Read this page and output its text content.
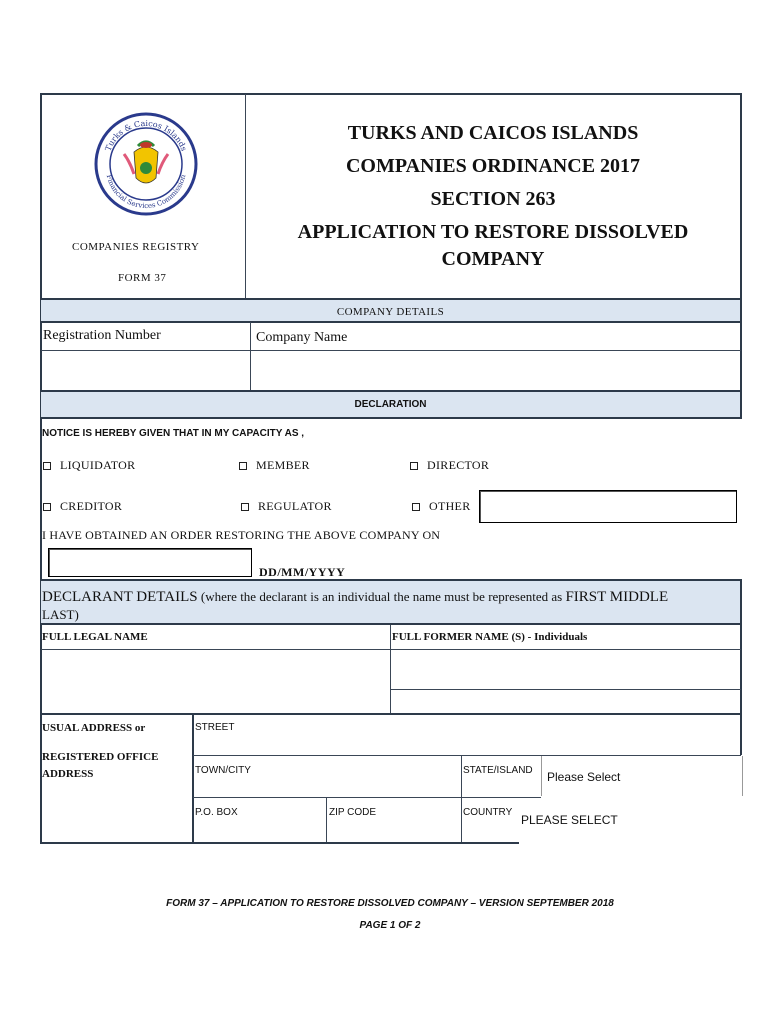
Turks & Caicos Islands
Financial Services Commission
COMPANIES REGISTRY
FORM 37
TURKS AND CAICOS ISLANDS
COMPANIES ORDINANCE 2017
SECTION 263
APPLICATION TO RESTORE DISSOLVED
COMPANY
COMPANY DETAILS
Registration Number	Company Name
DECLARATION
NOTICE IS HEREBY GIVEN THAT IN MY CAPACITY AS ,
LIQUIDATOR	MEMBER	DIRECTOR
CREDITOR	REGULATOR	OTHER
I HAVE OBTAINED AN ORDER RESTORING THE ABOVE COMPANY ON
DD/MM/YYYY
DECLARANT DETAILS (where the declarant is an individual the name must be represented as FIRST MIDDLE
LAST)
FULL LEGAL NAME	FULL FORMER NAME (S) - Individuals
USUAL ADDRESS or
REGISTERED OFFICE
ADDRESS
STREET
TOWN/CITY	STATE/ISLAND Please Select
P.O. BOX	ZIP CODE	COUNTRY
PLEASE SELECT
FORM 37 – APPLICATION TO RESTORE DISSOLVED COMPANY – VERSION SEPTEMBER 2018
PAGE 1 OF 2
